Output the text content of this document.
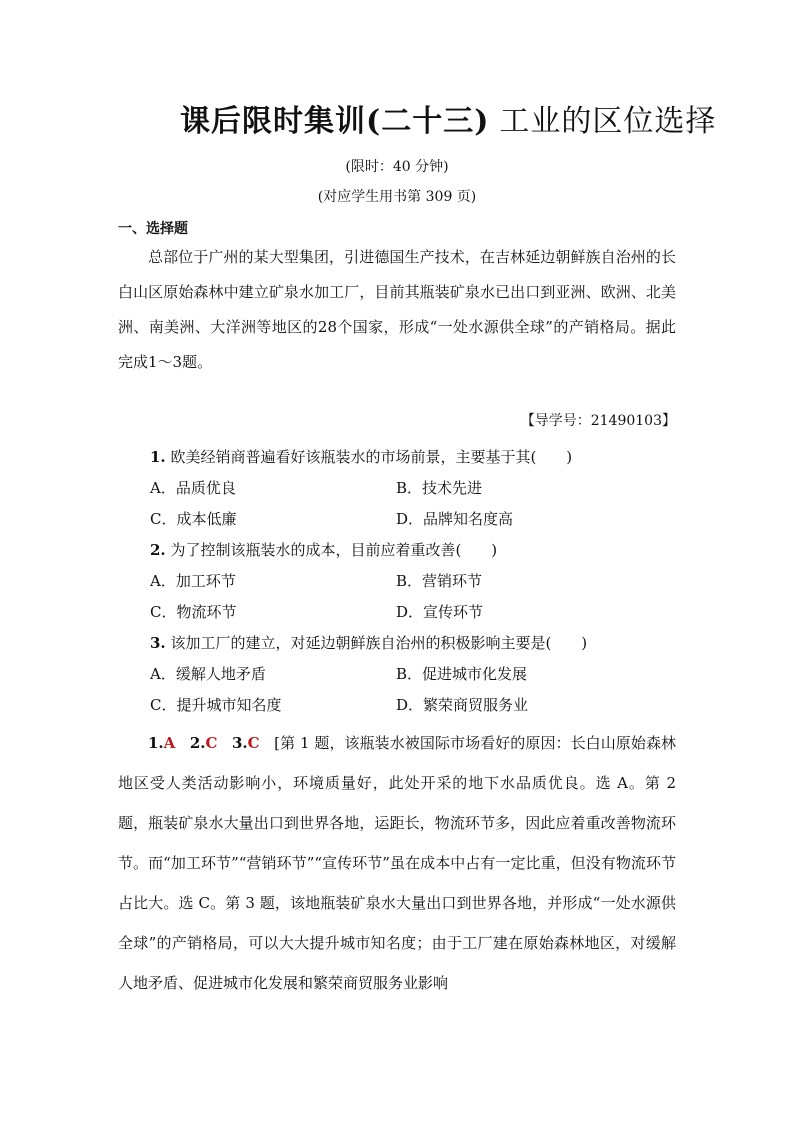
课后限时集训(二十三) 工业的区位选择
(限时：40 分钟)
(对应学生用书第 309 页)
一、选择题

总部位于广州的某大型集团，引进德国生产技术，在吉林延边朝鲜族自治州的长白山区原始森林中建立矿泉水加工厂，目前其瓶装矿泉水已出口到亚洲、欧洲、北美洲、南美洲、大洋洲等地区的28个国家，形成“一处水源供全球”的产销格局。据此完成1～3题。

【导学号：21490103】
1. 欧美经销商普遍看好该瓶装水的市场前景，主要基于其(　　)
A．品质优良	B．技术先进
C．成本低廉	D．品牌知名度高
2. 为了控制该瓶装水的成本，目前应着重改善(　　)
A．加工环节	B．营销环节
C．物流环节	D．宣传环节
3. 该加工厂的建立，对延边朝鲜族自治州的积极影响主要是(　　)
A．缓解人地矛盾	B．促进城市化发展
C．提升城市知名度	D．繁荣商贸服务业

1.A 2.C 3.C [第 1 题，该瓶装水被国际市场看好的原因：长白山原始森林地区受人类活动影响小，环境质量好，此处开采的地下水品质优良。选 A。第 2 题，瓶装矿泉水大量出口到世界各地，运距长，物流环节多，因此应着重改善物流环节。而“加工环节”“营销环节”“宣传环节”虽在成本中占有一定比重，但没有物流环节占比大。选 C。第 3 题，该地瓶装矿泉水大量出口到世界各地，并形成“一处水源供全球”的产销格局，可以大大提升城市知名度；由于工厂建在原始森林地区，对缓解人地矛盾、促进城市化发展和繁荣商贸服务业影响
